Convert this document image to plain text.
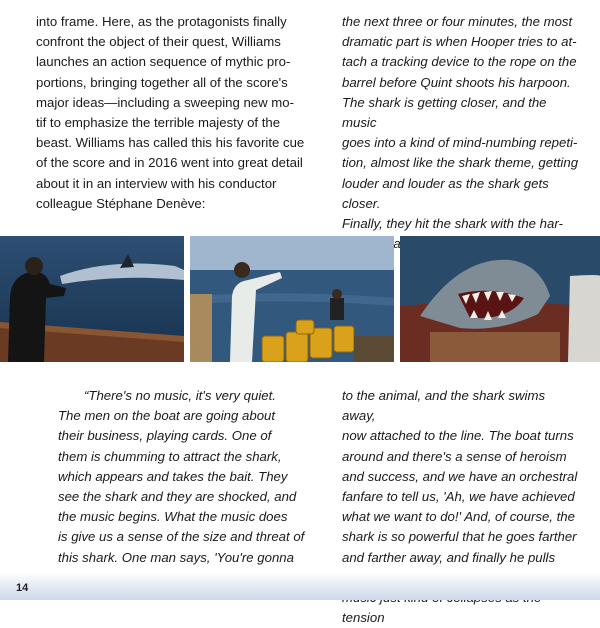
into frame. Here, as the protagonists finally

confront the object of their quest, Williams

launches an action sequence of mythic pro-

portions, bringing together all of the score's

major ideas—including a sweeping new mo-

tif to emphasize the terrible majesty of the

beast. Williams has called this his favorite cue

of the score and in 2016 went into great detail

about it in an interview with his conductor

colleague Stéphane Denève:

the next three or four minutes, the most

dramatic part is when Hooper tries to at-

tach a tracking device to the rope on the

barrel before Quint shoots his harpoon.

The shark is getting closer, and the music

goes into a kind of mind-numbing repeti-

tion, almost like the shark theme, getting

louder and louder as the shark gets closer.

Finally, they hit the shark with the har-

“There's no music, it's very quiet.

The men on the boat are going about

their business, playing cards. One of

them is chumming to attract the shark,

which appears and takes the bait. They

see the shark and they are shocked, and

the music begins. What the music does

is give us a sense of the size and threat of

this shark. One man says, 'You're gonna

to the animal, and the shark swims away,

now attached to the line. The boat turns

around and there's a sense of heroism

and success, and we have an orchestral

fanfare to tell us, 'Ah, we have achieved

what we want to do!' And, of course, the

shark is so powerful that he goes farther

and farther away, and finally he pulls

tension

14
